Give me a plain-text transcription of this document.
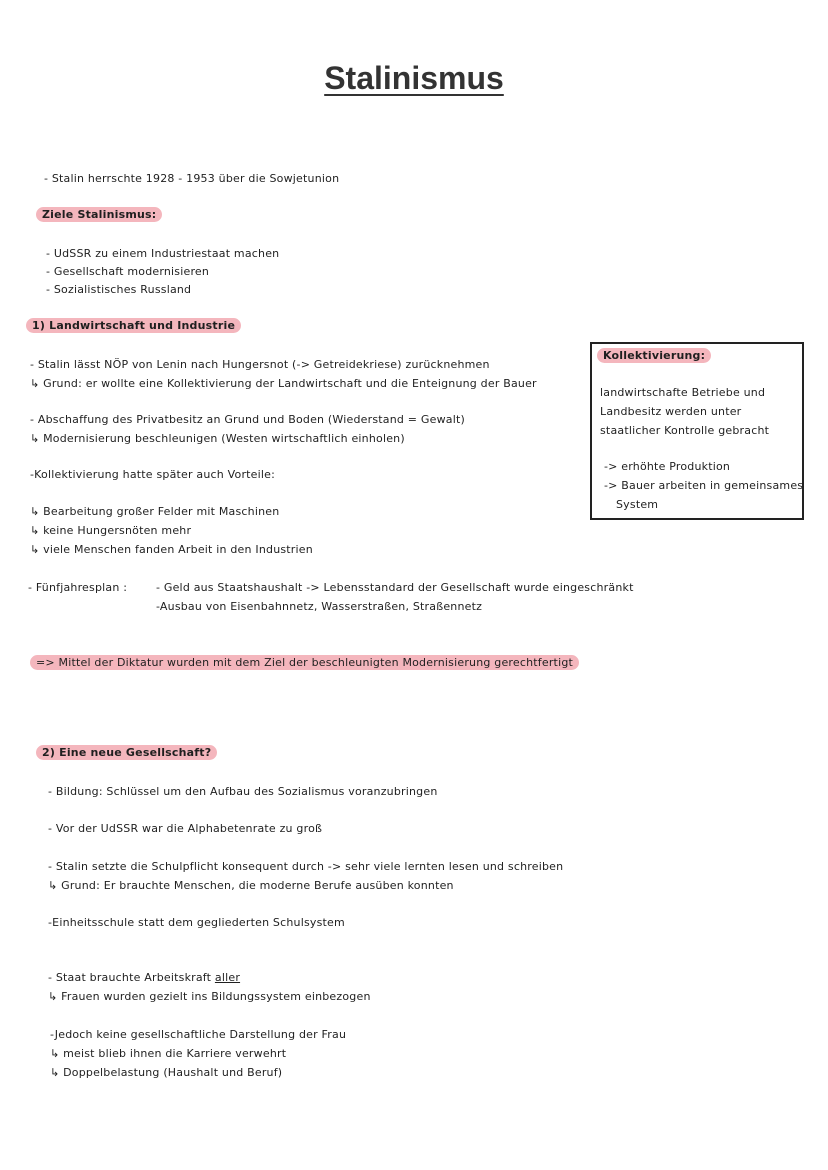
Stalinismus
- Stalin herrschte 1928 - 1953 über die Sowjetunion
Ziele Stalinismus:
- UdSSR zu einem Industriestaat machen
- Gesellschaft modernisieren
- Sozialistisches Russland
1) Landwirtschaft und Industrie
- Stalin lässt NÖP von Lenin nach Hungersnot (-> Getreidekriese) zurücknehmen
↳ Grund: er wollte eine Kollektivierung der Landwirtschaft und die Enteignung der Bauer
- Abschaffung des Privatbesitz an Grund und Boden (Wiederstand = Gewalt)
↳ Modernisierung beschleunigen (Westen wirtschaftlich einholen)
-Kollektivierung hatte später auch Vorteile:
↳ Bearbeitung großer Felder mit Maschinen
↳ keine Hungersnöten mehr
↳ viele Menschen fanden Arbeit in den Industrien
- Fünfjahresplan :	- Geld aus Staatshaushalt -> Lebensstandard der Gesellschaft wurde eingeschränkt
-Ausbau von Eisenbahnnetz, Wasserstraßen, Straßennetz
=> Mittel der Diktatur wurden mit dem Ziel der beschleunigten Modernisierung gerechtfertigt
Kollektivierung:
landwirtschafte Betriebe und
Landbesitz werden unter
staatlicher Kontrolle gebracht
-> erhöhte Produktion
-> Bauer arbeiten in gemeinsames
System
2) Eine neue Gesellschaft?
- Bildung: Schlüssel um den Aufbau des Sozialismus voranzubringen
- Vor der UdSSR war die Alphabetenrate zu groß
- Stalin setzte die Schulpflicht konsequent durch -> sehr viele lernten lesen und schreiben
↳ Grund: Er brauchte Menschen, die moderne Berufe ausüben konnten
-Einheitsschule statt dem gegliederten Schulsystem
- Staat brauchte Arbeitskraft aller
↳ Frauen wurden gezielt ins Bildungssystem einbezogen
-Jedoch keine gesellschaftliche Darstellung der Frau
↳ meist blieb ihnen die Karriere verwehrt
↳ Doppelbelastung (Haushalt und Beruf)
